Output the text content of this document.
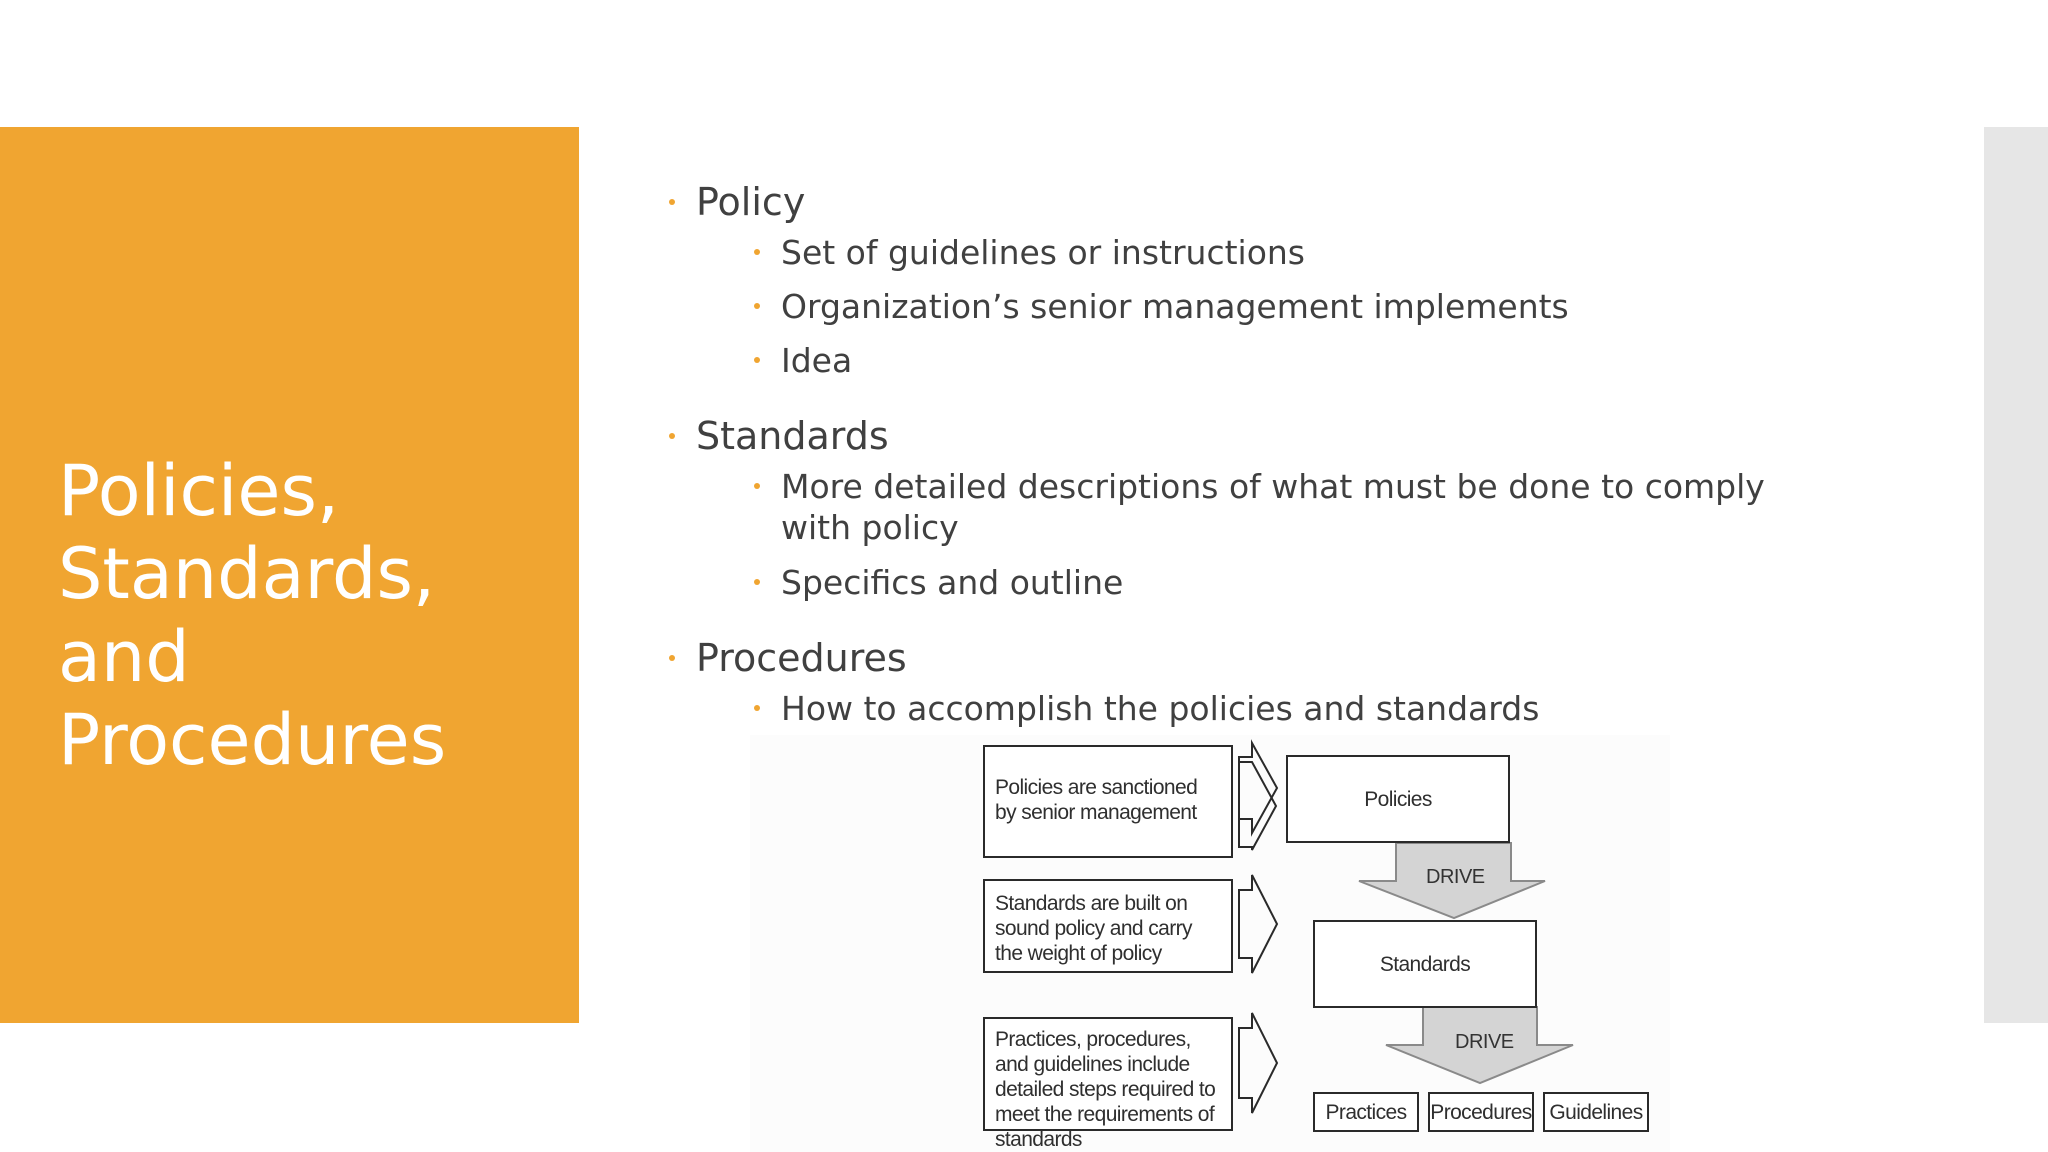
Policies, Standards, and Procedures
Policy
Set of guidelines or instructions
Organization’s senior management implements
Idea
Standards
More detailed descriptions of what must be done to comply with policy
Specifics and outline
Procedures
How to accomplish the policies and standards
Policies are sanctioned by senior management
Standards are built on sound policy and carry the weight of policy
Practices, procedures, and guidelines include detailed steps required to meet the requirements of standards
Policies
Standards
DRIVE
DRIVE
Practices	Procedures Guidelines
